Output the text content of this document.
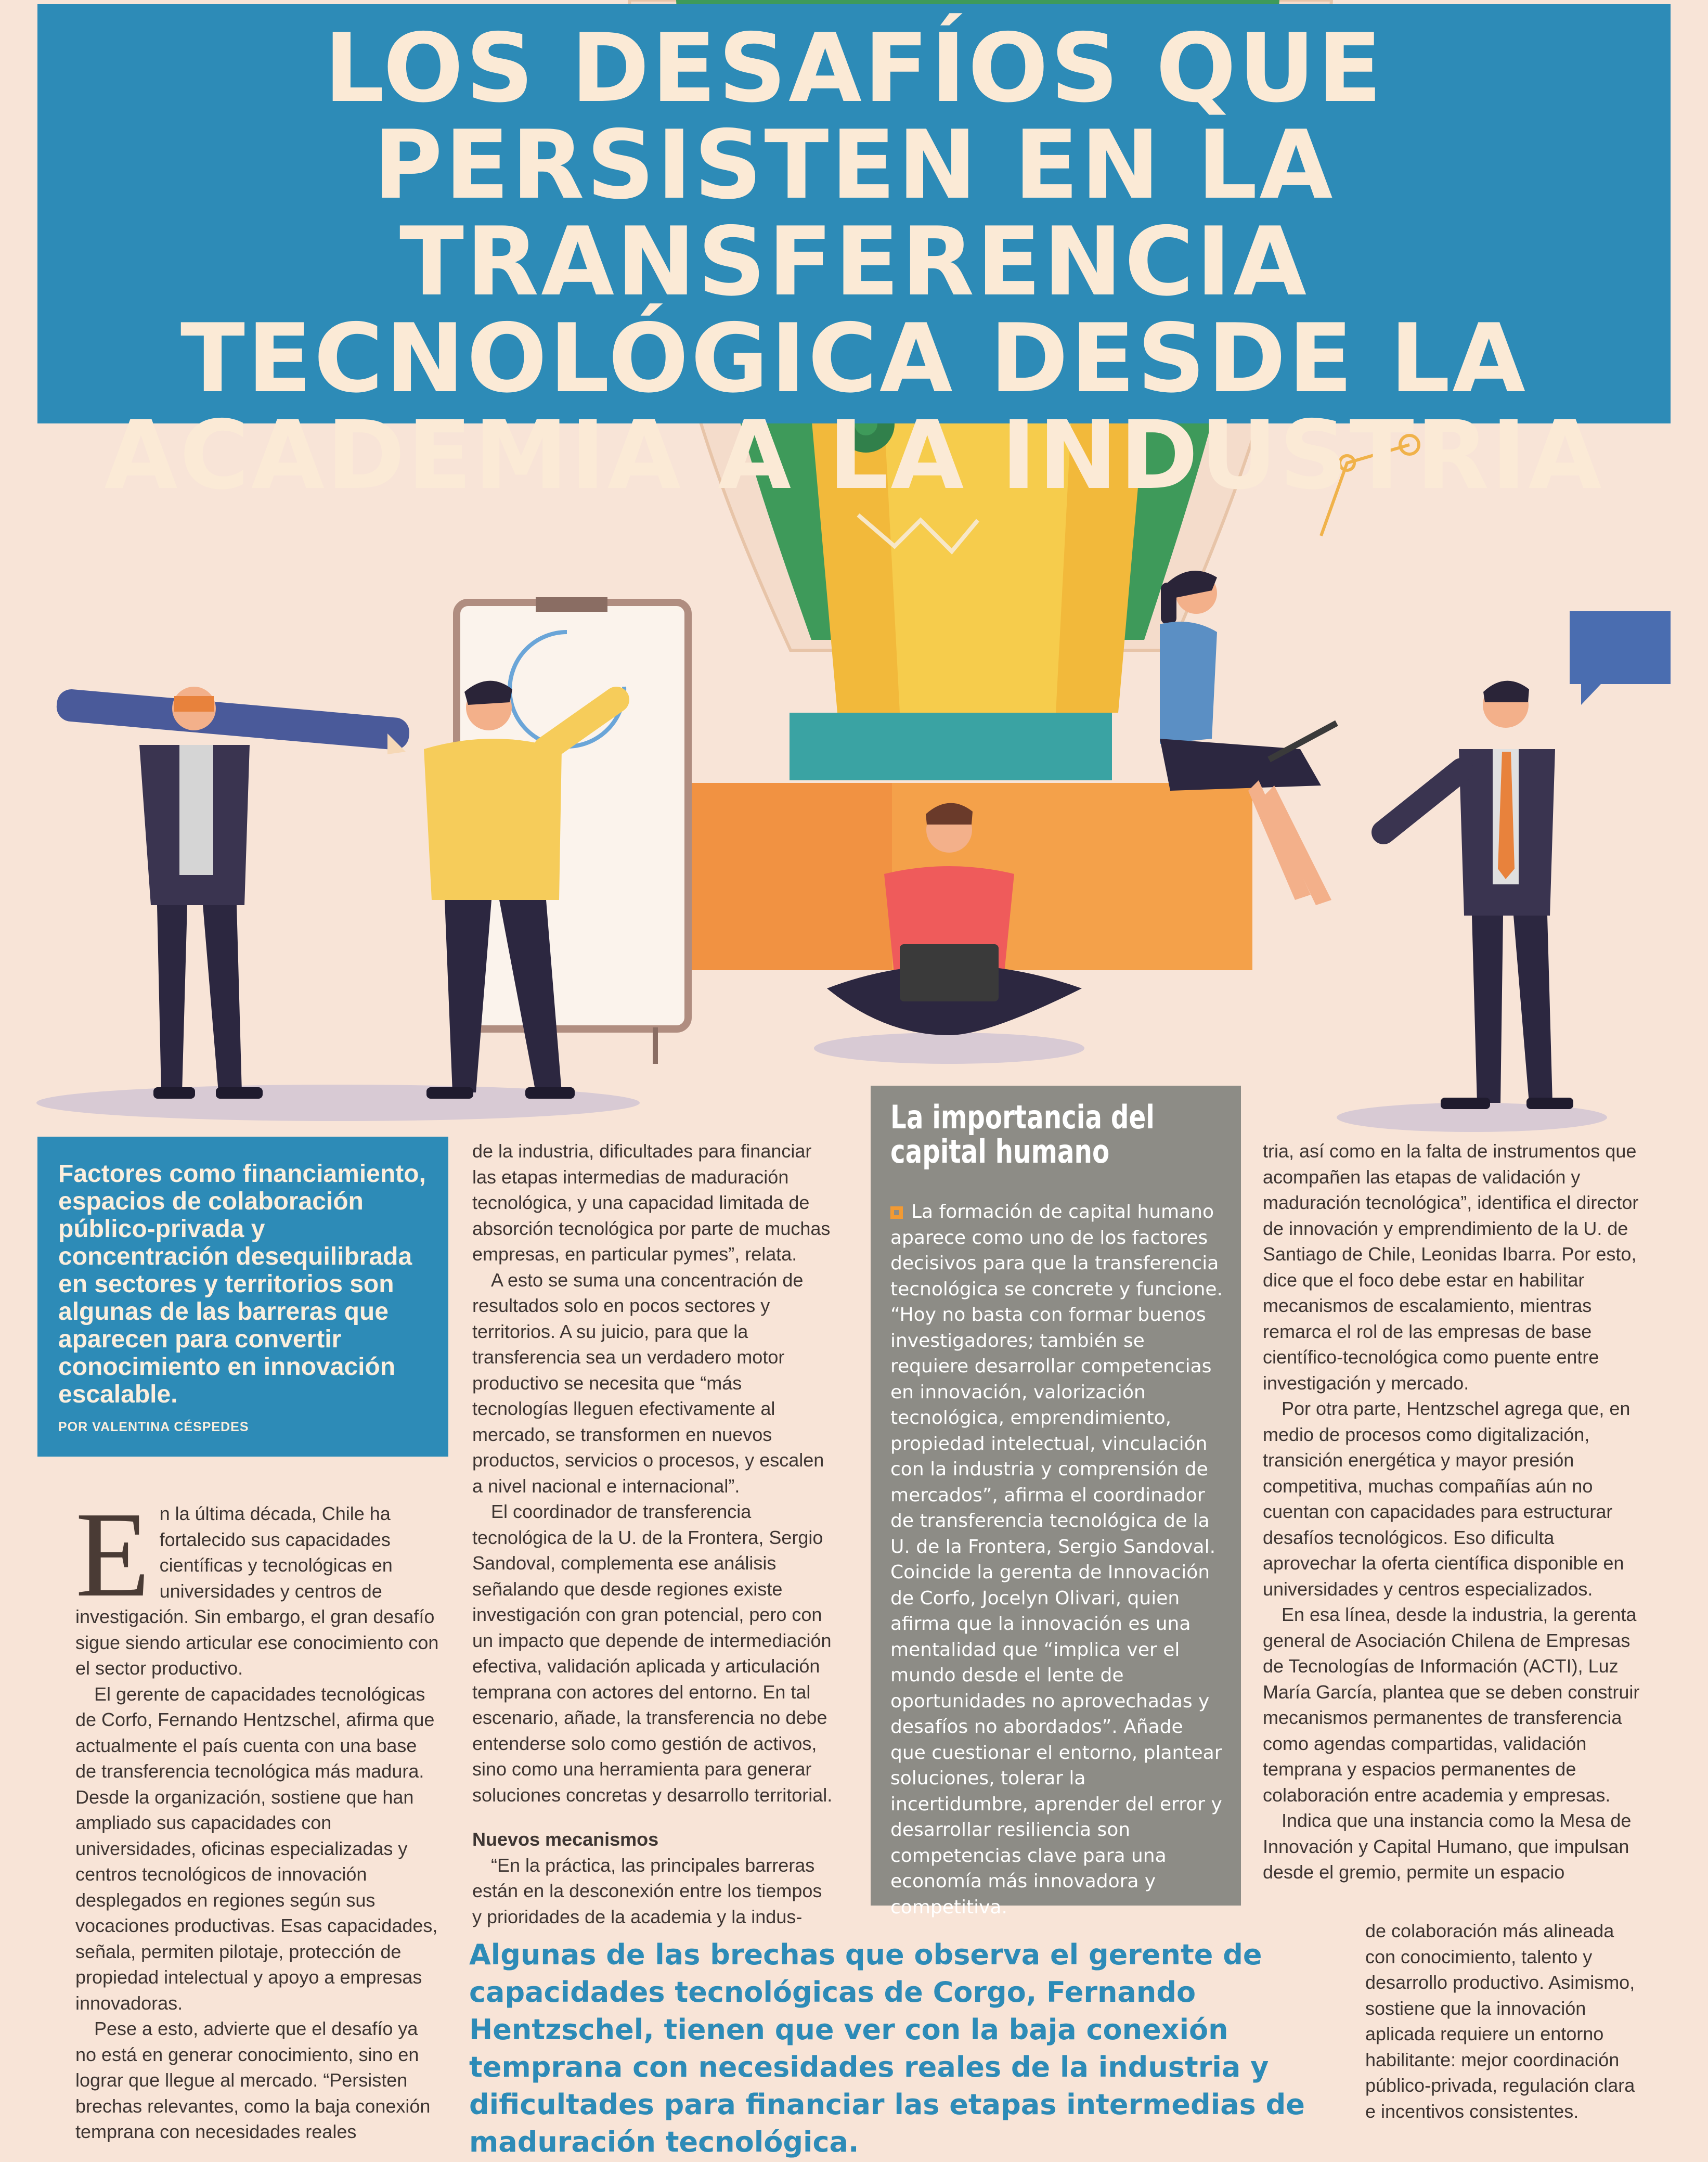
LOS DESAFÍOS QUE PERSISTEN EN LA TRANSFERENCIA TECNOLÓGICA DESDE LA ACADEMIA A LA INDUSTRIA

Factores como financiamiento, espacios de colaboración público-privada y concentración desequilibrada en sectores y territorios son algunas de las barreras que aparecen para convertir conocimiento en innovación escalable.

POR VALENTINA CÉSPEDES

En la última década, Chile ha fortalecido sus capacidades científicas y tecnológicas en universidades y centros de investigación. Sin embargo, el gran desafío sigue siendo articular ese conocimiento con el sector productivo.

El gerente de capacidades tecnológicas de Corfo, Fernando Hentzschel, afirma que actualmente el país cuenta con una base de transferencia tecnológica más madura. Desde la organización, sostiene que han ampliado sus capacidades con universidades, oficinas especializadas y centros tecnológicos de innovación desplegados en regiones según sus vocaciones productivas. Esas capacidades, señala, permiten pilotaje, protección de propiedad intelectual y apoyo a empresas innovadoras.

Pese a esto, advierte que el desafío ya no está en generar conocimiento, sino en lograr que llegue al mercado. “Persisten brechas relevantes, como la baja conexión temprana con necesidades reales

de la industria, dificultades para financiar las etapas intermedias de maduración tecnológica, y una capacidad limitada de absorción tecnológica por parte de muchas empresas, en particular pymes”, relata.

A esto se suma una concentración de resultados solo en pocos sectores y territorios. A su juicio, para que la transferencia sea un verdadero motor productivo se necesita que “más tecnologías lleguen efectivamente al mercado, se transformen en nuevos productos, servicios o procesos, y escalen a nivel nacional e internacional”.

El coordinador de transferencia tecnológica de la U. de la Frontera, Sergio Sandoval, complementa ese análisis señalando que desde regiones existe investigación con gran potencial, pero con un impacto que depende de intermediación efectiva, validación aplicada y articulación temprana con actores del entorno. En tal escenario, añade, la transferencia no debe entenderse solo como gestión de activos, sino como una herramienta para generar soluciones concretas y desarrollo territorial.

Nuevos mecanismos

“En la práctica, las principales barreras están en la desconexión entre los tiempos y prioridades de la academia y la indus-

La importancia del capital humano

La formación de capital humano aparece como uno de los factores decisivos para que la transferencia tecnológica se concrete y funcione. “Hoy no basta con formar buenos investigadores; también se requiere desarrollar competencias en innovación, valorización tecnológica, emprendimiento, propiedad intelectual, vinculación con la industria y comprensión de mercados”, afirma el coordinador de transferencia tecnológica de la U. de la Frontera, Sergio Sandoval.

Coincide la gerenta de Innovación de Corfo, Jocelyn Olivari, quien afirma que la innovación es una mentalidad que “implica ver el mundo desde el lente de oportunidades no aprovechadas y desafíos no abordados”. Añade que cuestionar el entorno, plantear soluciones, tolerar la incertidumbre, aprender del error y desarrollar resiliencia son competencias clave para una economía más innovadora y competitiva.

tria, así como en la falta de instrumentos que acompañen las etapas de validación y maduración tecnológica”, identifica el director de innovación y emprendimiento de la U. de Santiago de Chile, Leonidas Ibarra. Por esto, dice que el foco debe estar en habilitar mecanismos de escalamiento, mientras remarca el rol de las empresas de base científico-tecnológica como puente entre investigación y mercado.

Por otra parte, Hentzschel agrega que, en medio de procesos como digitalización, transición energética y mayor presión competitiva, muchas compañías aún no cuentan con capacidades para estructurar desafíos tecnológicos. Eso dificulta aprovechar la oferta científica disponible en universidades y centros especializados.

En esa línea, desde la industria, la gerenta general de Asociación Chilena de Empresas de Tecnologías de Información (ACTI), Luz María García, plantea que se deben construir mecanismos permanentes de transferencia como agendas compartidas, validación temprana y espacios permanentes de colaboración entre academia y empresas.

Indica que una instancia como la Mesa de Innovación y Capital Humano, que impulsan desde el gremio, permite un espacio

de colaboración más alineada con conocimiento, talento y desarrollo productivo. Asimismo, sostiene que la innovación aplicada requiere un entorno habilitante: mejor coordinación público-privada, regulación clara e incentivos consistentes.

Algunas de las brechas que observa el gerente de capacidades tecnológicas de Corgo, Fernando Hentzschel, tienen que ver con la baja conexión temprana con necesidades reales de la industria y dificultades para financiar las etapas intermedias de maduración tecnológica.
